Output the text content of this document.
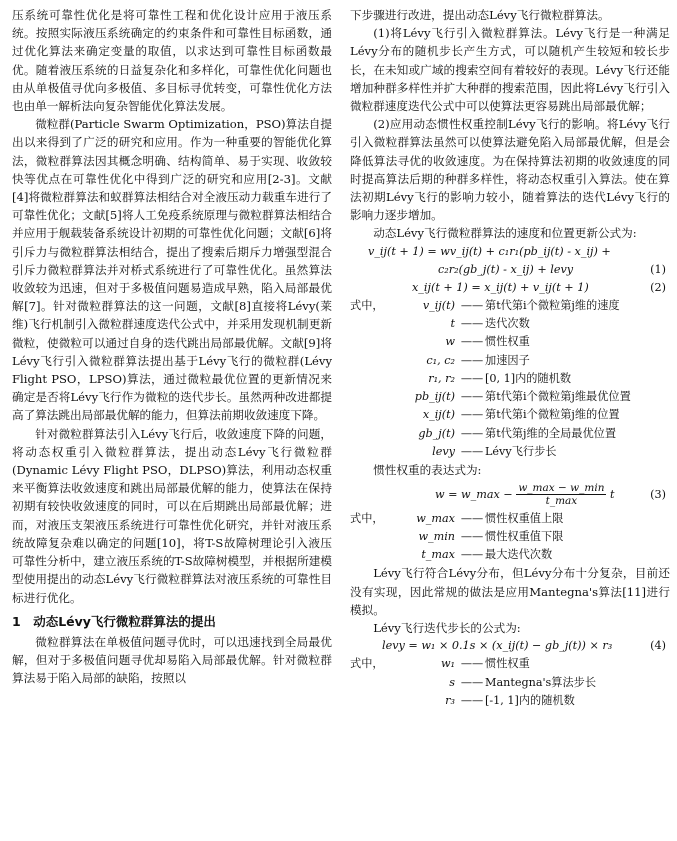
压系统可靠性优化是将可靠性工程和优化设计应用于液压系统。按照实际液压系统确定的约束条件和可靠性目标函数，通过优化算法来确定变量的取值，以求达到可靠性目标函数最优。随着液压系统的日益复杂化和多样化，可靠性优化问题也由从单极值寻优向多极值、多目标寻优转变，可靠性优化方法也由单一解析法向复杂智能优化算法发展。

微粒群(Particle Swarm Optimization，PSO)算法自提出以来得到了广泛的研究和应用。作为一种重要的智能优化算法，微粒群算法因其概念明确、结构简单、易于实现、收敛较快等优点在可靠性优化中得到广泛的研究和应用[2-3]。文献[4]将微粒群算法和蚁群算法相结合对全液压动力载重车进行了可靠性优化；文献[5]将人工免疫系统原理与微粒群算法相结合并应用于舰载装备系统设计初期的可靠性优化问题；文献[6]将引斥力与微粒群算法相结合，提出了搜索后期斥力增强型混合引斥力微粒群算法并对桥式系统进行了可靠性优化。虽然算法收敛较为迅速，但对于多极值问题易造成早熟，陷入局部最优解[7]。针对微粒群算法的这一问题，文献[8]直接将Lévy(莱维)飞行机制引入微粒群速度迭代公式中，并采用发现机制更新微粒，使微粒可以通过自身的迭代跳出局部最优解。文献[9]将Lévy飞行引入微粒群算法提出基于Lévy飞行的微粒群(Lévy Flight PSO，LPSO)算法，通过微粒最优位置的更新情况来确定是否将Lévy飞行作为微粒的迭代步长。虽然两种改进都提高了算法跳出局部最优解的能力，但算法前期收敛速度下降。

针对微粒群算法引入Lévy飞行后，收敛速度下降的问题，将动态权重引入微粒群算法，提出动态Lévy飞行微粒群(Dynamic Lévy Flight PSO，DLPSO)算法，利用动态权重来平衡算法收敛速度和跳出局部最优解的能力，使算法在保持初期有较快收敛速度的同时，可以在后期跳出局部最优解；进而，对液压支架液压系统进行可靠性优化研究，并针对液压系统故障复杂难以确定的问题[10]，将T-S故障树理论引入液压可靠性分析中，建立液压系统的T-S故障树模型，并根据所建模型使用提出的动态Lévy飞行微粒群算法对液压系统的可靠性目标进行优化。

1　动态Lévy飞行微粒群算法的提出

微粒群算法在单极值问题寻优时，可以迅速找到全局最优解，但对于多极值问题寻优却易陷入局部最优解。针对微粒群算法易于陷入局部的缺陷，按照以

下步骤进行改进，提出动态Lévy飞行微粒群算法。

(1)将Lévy飞行引入微粒群算法。Lévy飞行是一种满足Lévy分布的随机步长产生方式，可以随机产生较短和较长步长，在未知或广域的搜索空间有着较好的表现。Lévy飞行还能增加种群多样性并扩大种群的搜索范围，因此将Lévy飞行引入微粒群速度迭代公式中可以使算法更容易跳出局部最优解；

(2)应用动态惯性权重控制Lévy飞行的影响。将Lévy飞行引入微粒群算法虽然可以使算法避免陷入局部最优解，但是会降低算法寻优的收敛速度。为在保持算法初期的收敛速度的同时提高算法后期的种群多样性，将动态权重引入算法。使在算法初期Lévy飞行的影响力较小，随着算法的迭代Lévy飞行的影响力逐步增加。

动态Lévy飞行微粒群算法的速度和位置更新公式为:

v_ij(t + 1) = wv_ij(t) + c₁r₁(pb_ij(t) - x_ij) +
c₂r₂(gb_j(t) - x_ij) + levy	(1)
x_ij(t + 1) = x_ij(t) + v_ij(t + 1)	(2)
式中，	v_ij(t) —— 第t代第i个微粒第j维的速度
t —— 迭代次数
w —— 惯性权重
c₁, c₂ —— 加速因子
r₁, r₂ —— [0, 1]内的随机数
pb_ij(t) —— 第t代第i个微粒第j维最优位置
x_ij(t) —— 第t代第i个微粒第j维的位置
gb_j(t) —— 第t代第j维的全局最优位置
levy —— Lévy飞行步长

惯性权重的表达式为:

w = w_max − $\frac{w\_\max - w\_\min}{t\_\max}$ t	(3)
式中，	w_max —— 惯性权重值上限
w_min —— 惯性权重值下限
t_max —— 最大迭代次数

Lévy飞行符合Lévy分布，但Lévy分布十分复杂，目前还没有实现，因此常规的做法是应用Mantegna's算法[11]进行模拟。

Lévy飞行迭代步长的公式为:

levy = w₁ × 0.1s × (x_ij(t) − gb_j(t)) × r₃	(4)
式中，	w₁ —— 惯性权重
s —— Mantegna's算法步长
r₃ —— [-1, 1]内的随机数
